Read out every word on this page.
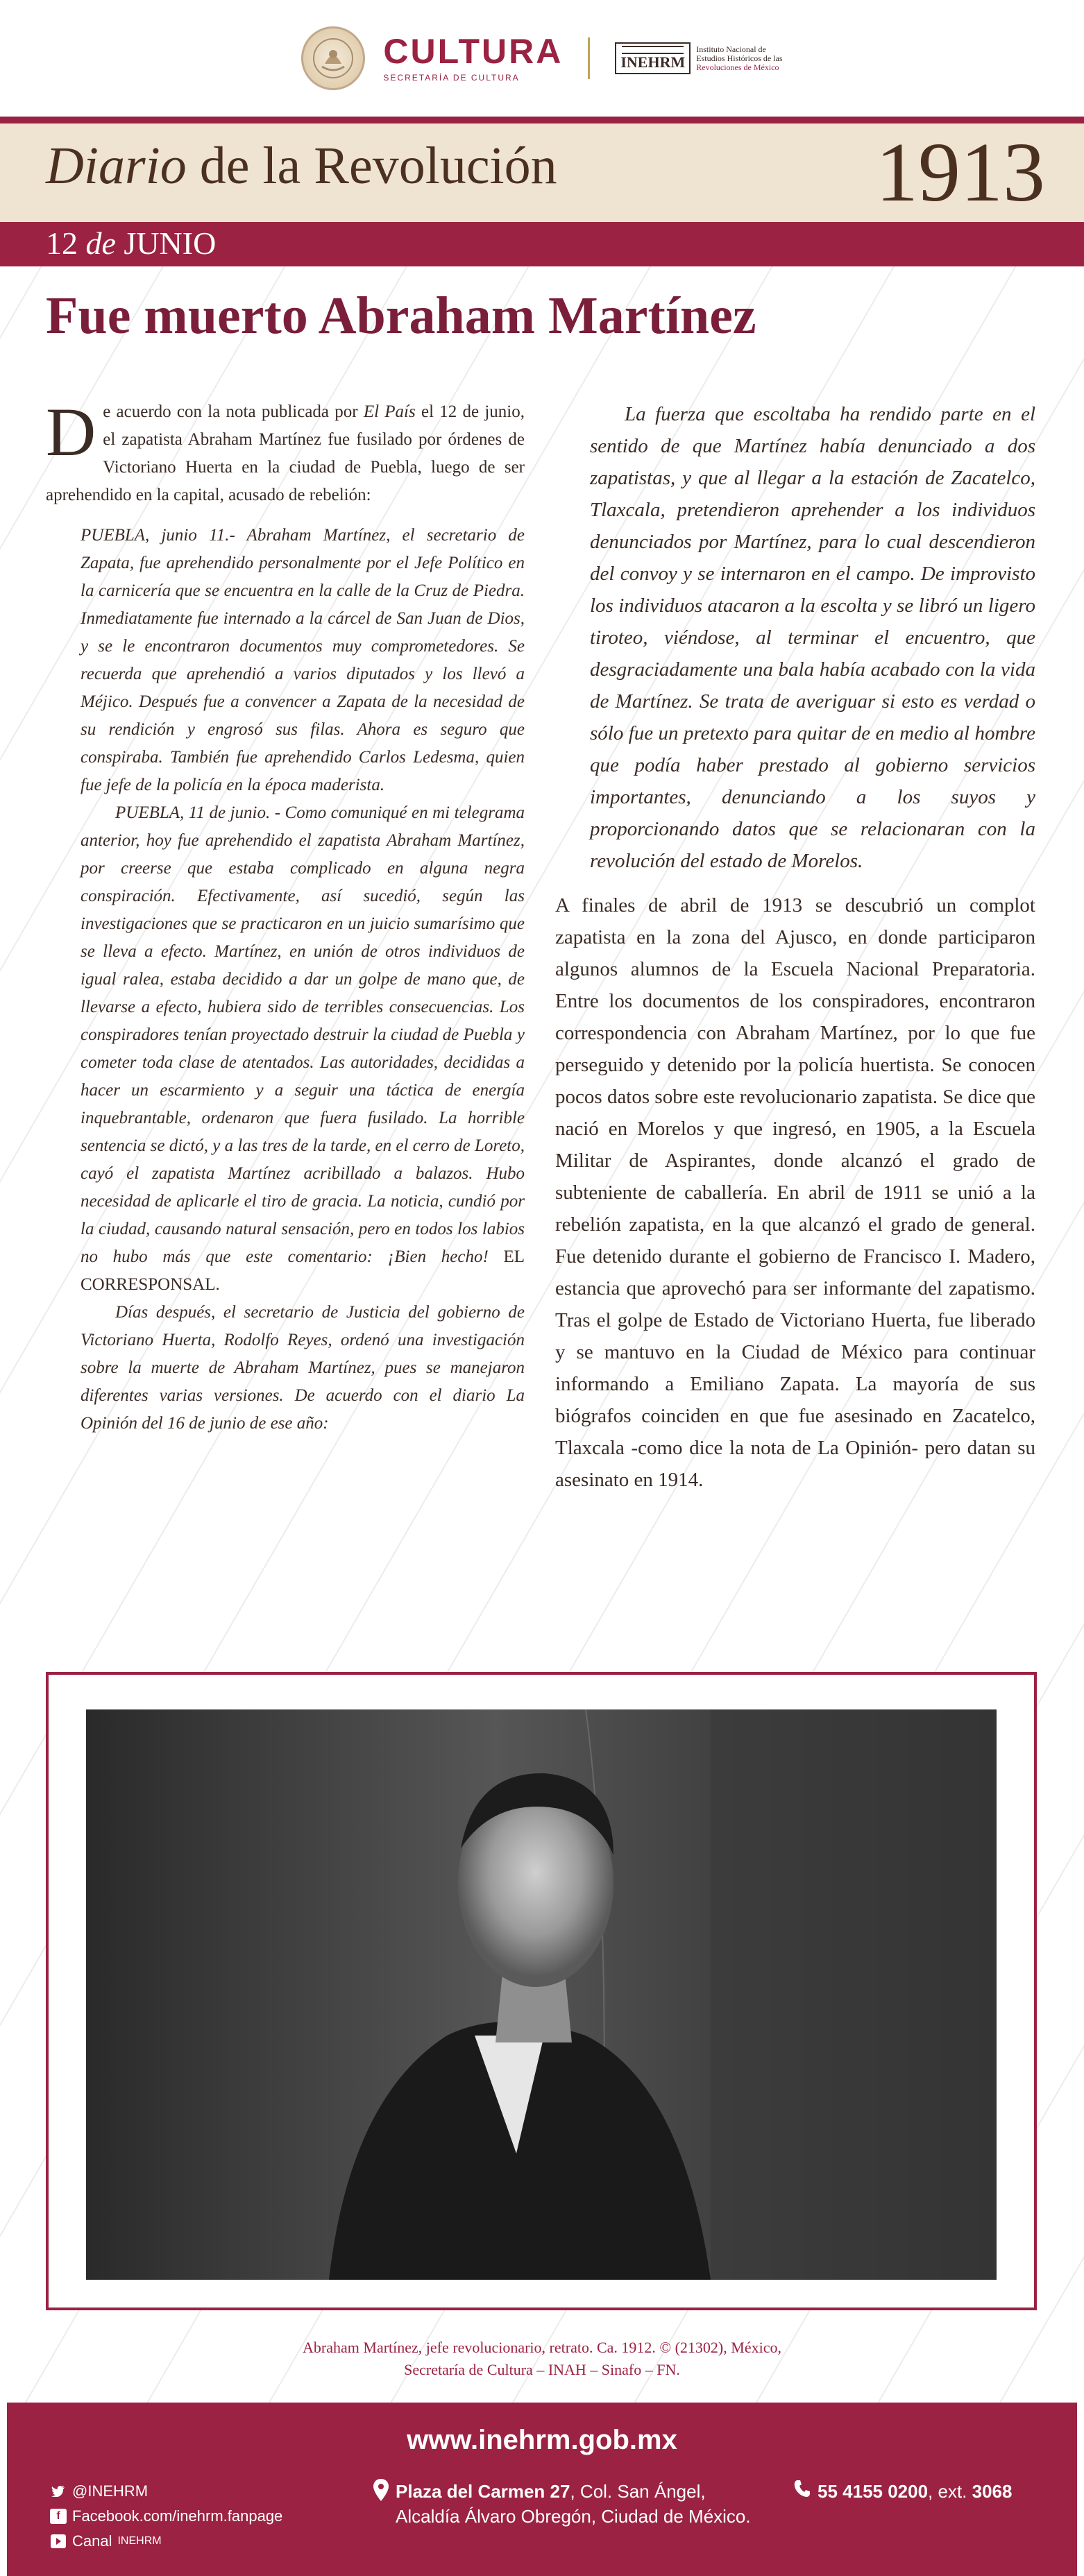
CULTURA
SECRETARÍA DE CULTURA
INEHRM
Instituto Nacional de
Estudios Históricos de las
Revoluciones de México
Diario de la Revolución	1913
12 de JUNIO
Fue muerto Abraham Martínez

De acuerdo con la nota publicada por El País el 12 de junio, el zapatista Abraham Martínez fue fusilado por órdenes de Victoriano Huerta en la ciudad de Puebla, luego de ser aprehendido en la capital, acusado de rebelión:

PUEBLA, junio 11.- Abraham Martínez, el secretario de Zapata, fue aprehendido personalmente por el Jefe Político en la carnicería que se encuentra en la calle de la Cruz de Piedra. Inmediatamente fue internado a la cárcel de San Juan de Dios, y se le encontraron documentos muy comprometedores. Se recuerda que aprehendió a varios diputados y los llevó a Méjico. Después fue a convencer a Zapata de la necesidad de su rendición y engrosó sus filas. Ahora es seguro que conspiraba. También fue aprehendido Carlos Ledesma, quien fue jefe de la policía en la época maderista.

PUEBLA, 11 de junio. - Como comuniqué en mi telegrama anterior, hoy fue aprehendido el zapatista Abraham Martínez, por creerse que estaba complicado en alguna negra conspiración. Efectivamente, así sucedió, según las investigaciones que se practicaron en un juicio sumarísimo que se lleva a efecto. Martínez, en unión de otros individuos de igual ralea, estaba decidido a dar un golpe de mano que, de llevarse a efecto, hubiera sido de terribles consecuencias. Los conspiradores tenían proyectado destruir la ciudad de Puebla y cometer toda clase de atentados. Las autoridades, decididas a hacer un escarmiento y a seguir una táctica de energía inquebrantable, ordenaron que fuera fusilado. La horrible sentencia se dictó, y a las tres de la tarde, en el cerro de Loreto, cayó el zapatista Martínez acribillado a balazos. Hubo necesidad de aplicarle el tiro de gracia. La noticia, cundió por la ciudad, causando natural sensación, pero en todos los labios no hubo más que este comentario: ¡Bien hecho! EL CORRESPONSAL.

Días después, el secretario de Justicia del gobierno de Victoriano Huerta, Rodolfo Reyes, ordenó una investigación sobre la muerte de Abraham Martínez, pues se manejaron diferentes varias versiones. De acuerdo con el diario La Opinión del 16 de junio de ese año:

La fuerza que escoltaba ha rendido parte en el sentido de que Martínez había denunciado a dos zapatistas, y que al llegar a la estación de Zacatelco, Tlaxcala, pretendieron aprehender a los individuos denunciados por Martínez, para lo cual descendieron del convoy y se internaron en el campo. De improvisto los individuos atacaron a la escolta y se libró un ligero tiroteo, viéndose, al terminar el encuentro, que desgraciadamente una bala había acabado con la vida de Martínez. Se trata de averiguar si esto es verdad o sólo fue un pretexto para quitar de en medio al hombre que podía haber prestado al gobierno servicios importantes, denunciando a los suyos y proporcionando datos que se relacionaran con la revolución del estado de Morelos.

A finales de abril de 1913 se descubrió un complot zapatista en la zona del Ajusco, en donde participaron algunos alumnos de la Escuela Nacional Preparatoria. Entre los documentos de los conspiradores, encontraron correspondencia con Abraham Martínez, por lo que fue perseguido y detenido por la policía huertista. Se conocen pocos datos sobre este revolucionario zapatista. Se dice que nació en Morelos y que ingresó, en 1905, a la Escuela Militar de Aspirantes, donde alcanzó el grado de subteniente de caballería. En abril de 1911 se unió a la rebelión zapatista, en la que alcanzó el grado de general. Fue detenido durante el gobierno de Francisco I. Madero, estancia que aprovechó para ser informante del zapatismo. Tras el golpe de Estado de Victoriano Huerta, fue liberado y se mantuvo en la Ciudad de México para continuar informando a Emiliano Zapata. La mayoría de sus biógrafos coinciden en que fue asesinado en Zacatelco, Tlaxcala -como dice la nota de La Opinión- pero datan su asesinato en 1914.

Abraham Martínez, jefe revolucionario, retrato. Ca. 1912. © (21302), México,
Secretaría de Cultura – INAH – Sinafo – FN.
www.inehrm.gob.mx
@INEHRM
f Facebook.com/inehrm.fanpage
Canal INEHRM
Plaza del Carmen 27, Col. San Ángel,
Alcaldía Álvaro Obregón, Ciudad de México.
55 4155 0200, ext. 3068
